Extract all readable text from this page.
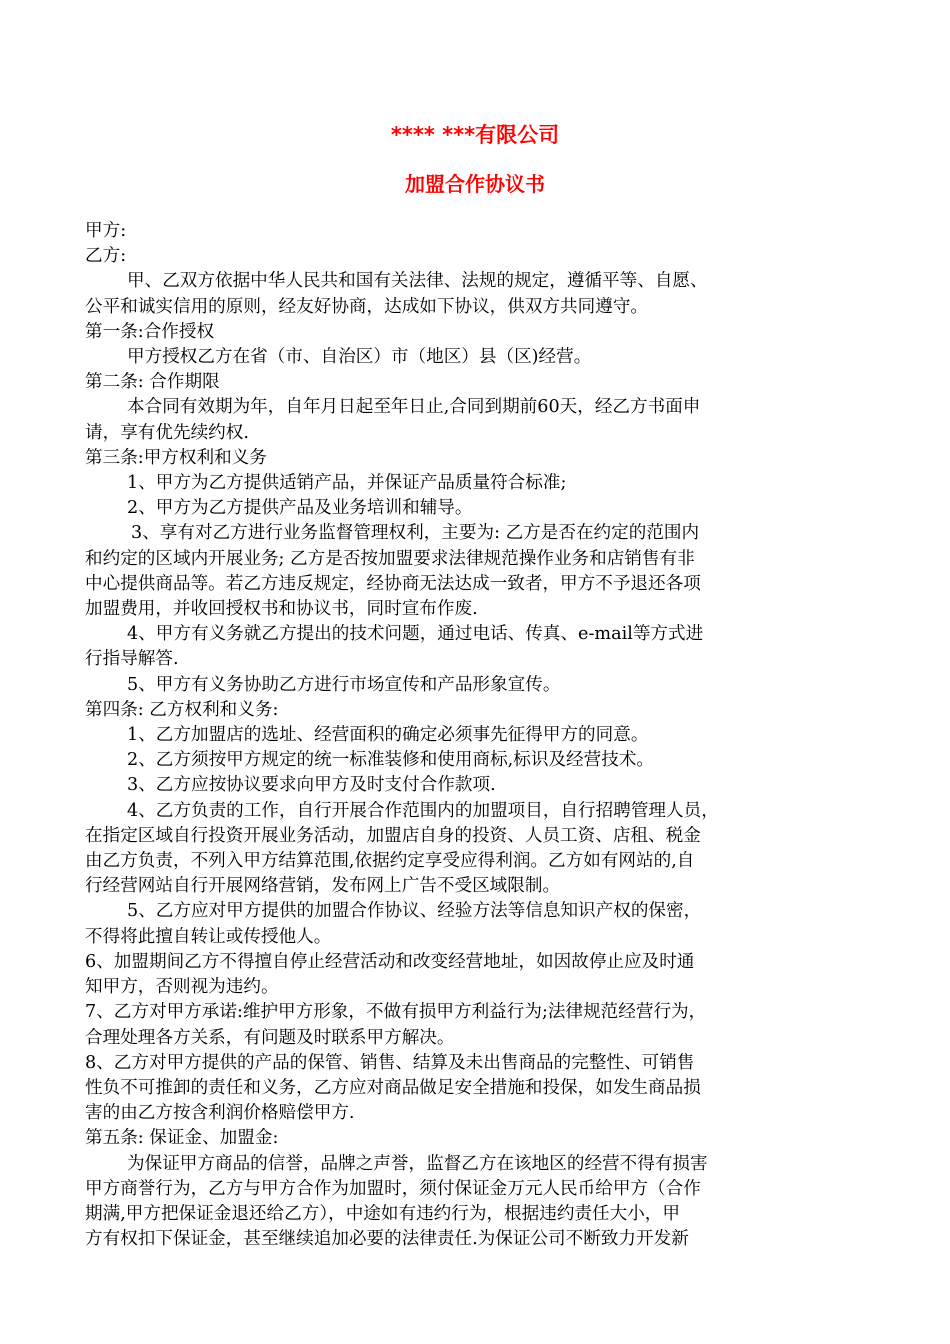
**** ***有限公司
加盟合作协议书

甲方:

乙方:

甲、乙双方依据中华人民共和国有关法律、法规的规定，遵循平等、自愿、

公平和诚实信用的原则，经友好协商，达成如下协议，供双方共同遵守。

第一条:合作授权

甲方授权乙方在省（市、自治区）市（地区）县（区)经营。

第二条: 合作期限

本合同有效期为年，自年月日起至年日止,合同到期前60天，经乙方书面申

请，享有优先续约权.

第三条:甲方权利和义务

1、甲方为乙方提供适销产品，并保证产品质量符合标准;

2、甲方为乙方提供产品及业务培训和辅导。

3、享有对乙方进行业务监督管理权利，主要为: 乙方是否在约定的范围内

和约定的区域内开展业务; 乙方是否按加盟要求法律规范操作业务和店销售有非

中心提供商品等。若乙方违反规定，经协商无法达成一致者，甲方不予退还各项

加盟费用，并收回授权书和协议书，同时宣布作废.

4、甲方有义务就乙方提出的技术问题，通过电话、传真、e-mail等方式进

行指导解答.

5、甲方有义务协助乙方进行市场宣传和产品形象宣传。

第四条: 乙方权利和义务:

1、乙方加盟店的选址、经营面积的确定必须事先征得甲方的同意。

2、乙方须按甲方规定的统一标准装修和使用商标,标识及经营技术。

3、乙方应按协议要求向甲方及时支付合作款项.

4、乙方负责的工作，自行开展合作范围内的加盟项目，自行招聘管理人员，

在指定区域自行投资开展业务活动，加盟店自身的投资、人员工资、店租、税金

由乙方负责，不列入甲方结算范围,依据约定享受应得利润。乙方如有网站的,自

行经营网站自行开展网络营销，发布网上广告不受区域限制。

5、乙方应对甲方提供的加盟合作协议、经验方法等信息知识产权的保密，

不得将此擅自转让或传授他人。

6、加盟期间乙方不得擅自停止经营活动和改变经营地址，如因故停止应及时通

知甲方，否则视为违约。

7、乙方对甲方承诺:维护甲方形象，不做有损甲方利益行为;法律规范经营行为，

合理处理各方关系，有问题及时联系甲方解决。

8、乙方对甲方提供的产品的保管、销售、结算及未出售商品的完整性、可销售

性负不可推卸的责任和义务，乙方应对商品做足安全措施和投保，如发生商品损

害的由乙方按含利润价格赔偿甲方.

第五条: 保证金、加盟金:

为保证甲方商品的信誉，品牌之声誉，监督乙方在该地区的经营不得有损害

甲方商誉行为，乙方与甲方合作为加盟时，须付保证金万元人民币给甲方（合作

期满,甲方把保证金退还给乙方），中途如有违约行为，根据违约责任大小，甲

方有权扣下保证金，甚至继续追加必要的法律责任.为保证公司不断致力开发新
